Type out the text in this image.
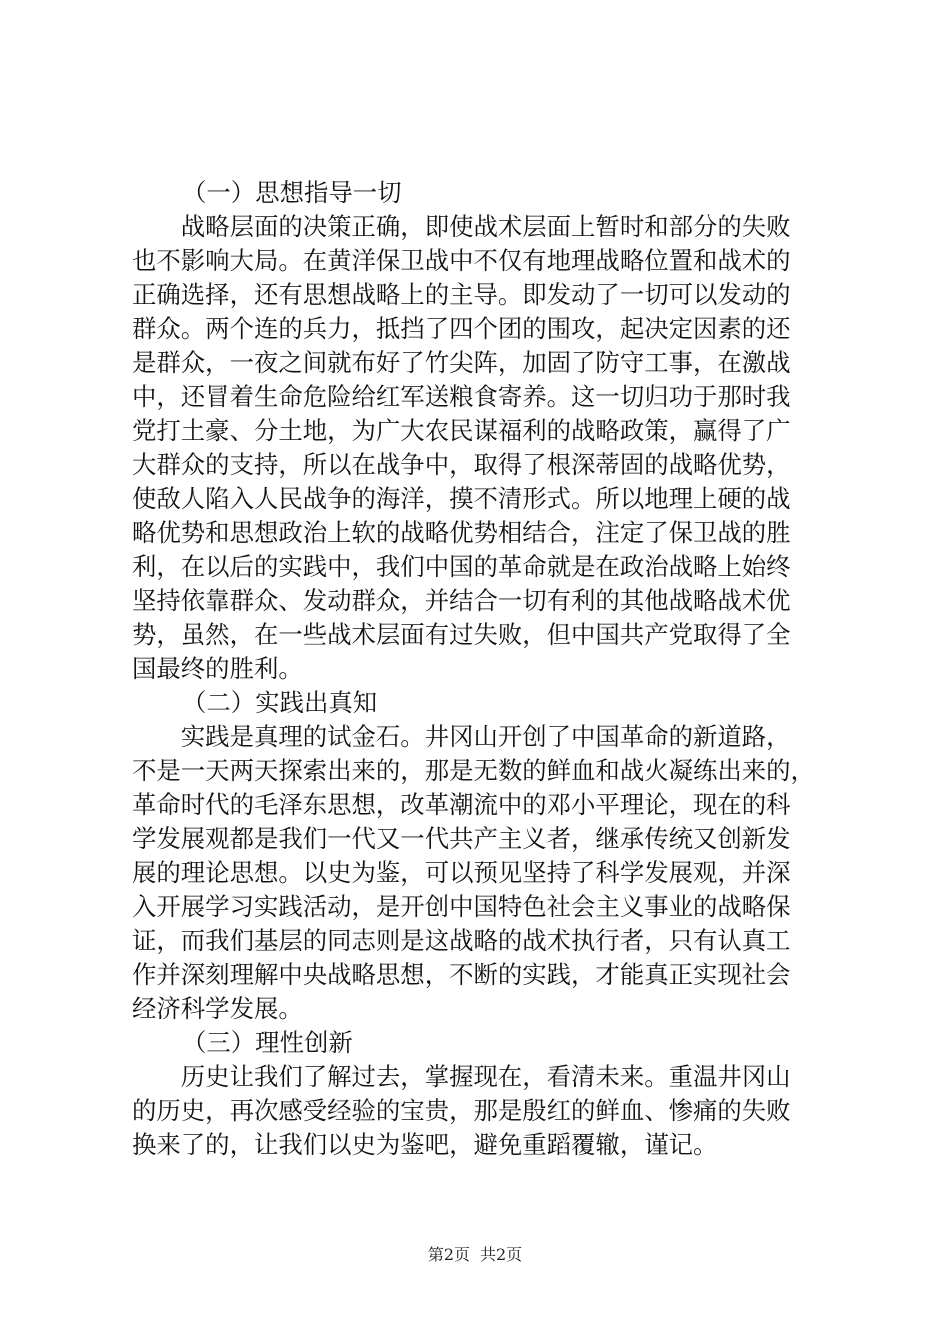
（一）思想指导一切
　　战略层面的决策正确，即使战术层面上暂时和部分的失败
也不影响大局。在黄洋保卫战中不仅有地理战略位置和战术的
正确选择，还有思想战略上的主导。即发动了一切可以发动的
群众。两个连的兵力，抵挡了四个团的围攻，起决定因素的还
是群众，一夜之间就布好了竹尖阵，加固了防守工事，在激战
中，还冒着生命危险给红军送粮食寄养。这一切归功于那时我
党打土豪、分土地，为广大农民谋福利的战略政策，赢得了广
大群众的支持，所以在战争中，取得了根深蒂固的战略优势，
使敌人陷入人民战争的海洋，摸不清形式。所以地理上硬的战
略优势和思想政治上软的战略优势相结合，注定了保卫战的胜
利，在以后的实践中，我们中国的革命就是在政治战略上始终
坚持依靠群众、发动群众，并结合一切有利的其他战略战术优
势，虽然，在一些战术层面有过失败，但中国共产党取得了全
国最终的胜利。
（二）实践出真知
　　实践是真理的试金石。井冈山开创了中国革命的新道路，
不是一天两天探索出来的，那是无数的鲜血和战火凝练出来的，
革命时代的毛泽东思想，改革潮流中的邓小平理论，现在的科
学发展观都是我们一代又一代共产主义者，继承传统又创新发
展的理论思想。以史为鉴，可以预见坚持了科学发展观，并深
入开展学习实践活动，是开创中国特色社会主义事业的战略保
证，而我们基层的同志则是这战略的战术执行者，只有认真工
作并深刻理解中央战略思想，不断的实践，才能真正实现社会
经济科学发展。
（三）理性创新
　　历史让我们了解过去，掌握现在，看清未来。重温井冈山
的历史，再次感受经验的宝贵，那是殷红的鲜血、惨痛的失败
换来了的，让我们以史为鉴吧，避免重蹈覆辙，谨记。
第2页 共2页
